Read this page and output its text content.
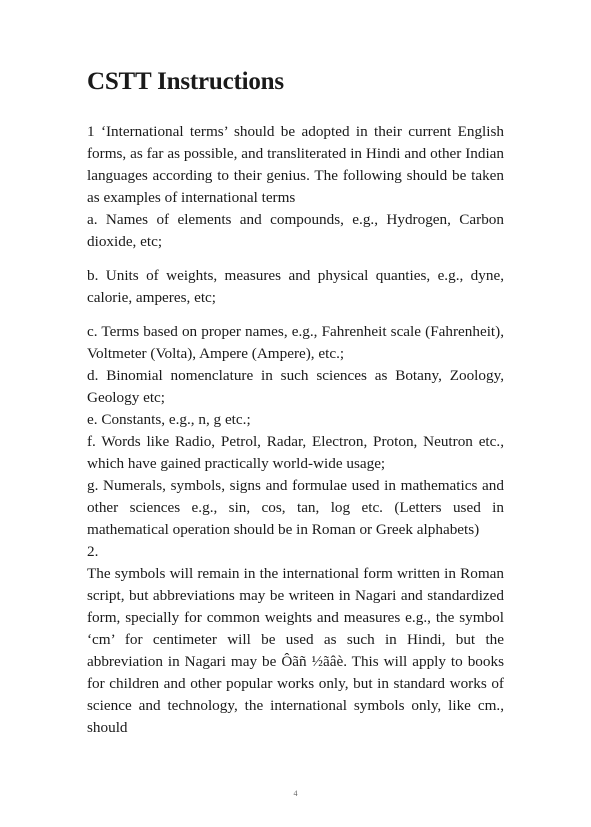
CSTT Instructions

1 ‘International terms’ should be adopted in their current English forms, as far as possible, and transliterated in Hindi and other Indian languages according to their genius. The following should be taken as examples of international terms

a. Names of elements and compounds, e.g., Hydrogen, Carbon dioxide, etc;

b. Units of weights, measures and physical quanties, e.g., dyne, calorie, amperes, etc;

c. Terms based on proper names, e.g., Fahrenheit scale (Fahrenheit), Voltmeter (Volta), Ampere (Ampere), etc.;

d. Binomial nomenclature in such sciences as Botany, Zoology, Geology etc;

e. Constants, e.g., n, g etc.;

f. Words like Radio, Petrol, Radar, Electron, Proton, Neutron etc., which have gained practically world-wide usage;

g. Numerals, symbols, signs and formulae used in mathematics and other sciences e.g., sin, cos, tan, log etc. (Letters used in mathematical operation should be in Roman or Greek alphabets)

2.

The symbols will remain in the international form written in Roman script, but abbreviations may be writeen in Nagari and standardized form, specially for common weights and measures e.g., the symbol ‘cm’ for centimeter will be used as such in Hindi, but the abbreviation in Nagari may be Ôãñ ½ãâè. This will apply to books for children and other popular works only, but in standard works of science and technology, the international symbols only, like cm., should

4
